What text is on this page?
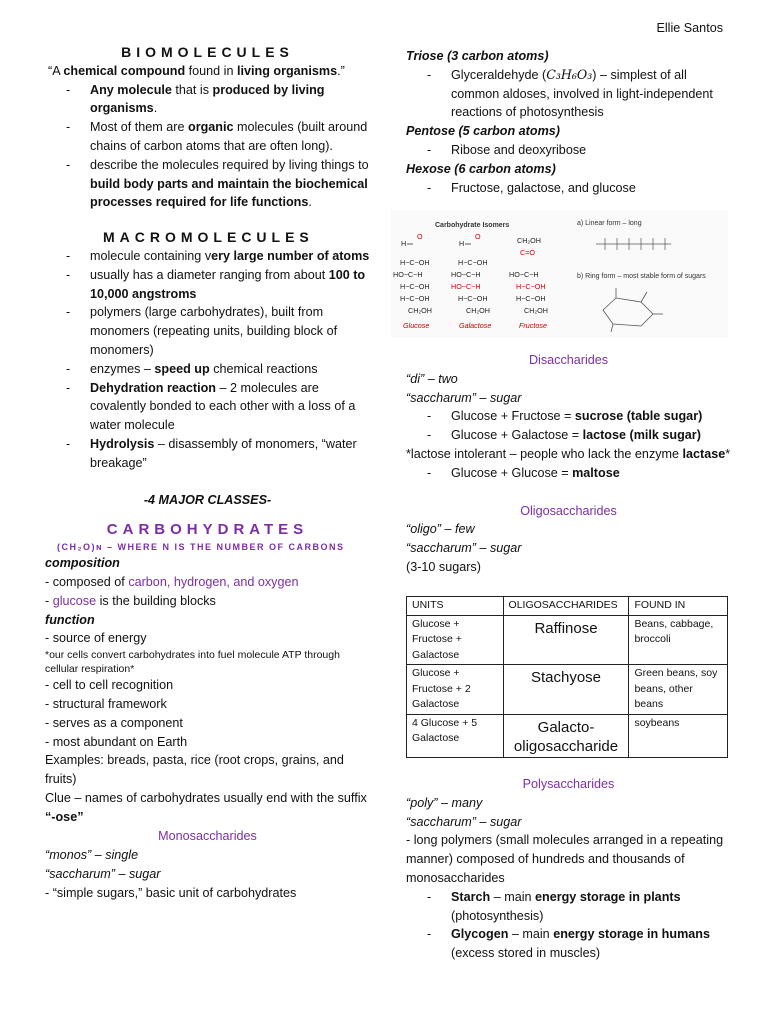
Ellie Santos
BIOMOLECULES

“A chemical compound found in living organisms.”

- Any molecule that is produced by living organisms.
- Most of them are organic molecules (built around chains of carbon atoms that are often long).
- describe the molecules required by living things to build body parts and maintain the biochemical processes required for life functions.
MACROMOLECULES
- molecule containing very large number of atoms
- usually has a diameter ranging from about 100 to 10,000 angstroms
- polymers (large carbohydrates), built from monomers (repeating units, building block of monomers)
- enzymes – speed up chemical reactions
- Dehydration reaction – 2 molecules are covalently bonded to each other with a loss of a water molecule
- Hydrolysis – disassembly of monomers, “water breakage”

-4 MAJOR CLASSES-

CARBOHYDRATES
(CH₂O)ɴ – WHERE N IS THE NUMBER OF CARBONS

composition

- composed of carbon, hydrogen, and oxygen

- glucose is the building blocks

function

- source of energy

*our cells convert carbohydrates into fuel molecule ATP through cellular respiration*

- cell to cell recognition

- structural framework

- serves as a component

- most abundant on Earth

Examples: breads, pasta, rice (root crops, grains, and fruits)

Clue – names of carbohydrates usually end with the suffix “-ose”

Monosaccharides

“monos” – single

“saccharum” – sugar

- “simple sugars,” basic unit of carbohydrates

Triose (3 carbon atoms)

- Glyceraldehyde (C₃H₆O₃) – simplest of all common aldoses, involved in light-independent reactions of photosynthesis

Pentose (5 carbon atoms)

- Ribose and deoxyribose

Hexose (6 carbon atoms)

- Fructose, galactose, and glucose
Carbohydrate Isomers
H
O
H−C−OH
HO−C−H
H−C−OH
H−C−OH
CH₂OH
Glucose
H
O
H−C−OH
HO−C−H
HO−C−H
H−C−OH
CH₂OH
Galactose
CH₂OH
C=O
HO−C−H
H−C−OH
H−C−OH
CH₂OH
Fructose
a) Linear form – long
b) Ring form – most stable form of sugars

Disaccharides

“di” – two

“saccharum” – sugar

- Glucose + Fructose = sucrose (table sugar)
- Glucose + Galactose = lactose (milk sugar)

*lactose intolerant – people who lack the enzyme lactase*

- Glucose + Glucose = maltose

Oligosaccharides

“oligo” – few

“saccharum” – sugar

(3-10 sugars)

UNITS	OLIGOSACCHARIDES	FOUND IN
Glucose + Fructose + Galactose	Raffinose	Beans, cabbage, broccoli
Glucose + Fructose + 2 Galactose	Stachyose	Green beans, soy beans, other beans
4 Glucose + 5 Galactose	Galacto-oligosaccharide	soybeans

Polysaccharides

“poly” – many

“saccharum” – sugar

- long polymers (small molecules arranged in a repeating manner) composed of hundreds and thousands of monosaccharides

- Starch – main energy storage in plants (photosynthesis)
- Glycogen – main energy storage in humans (excess stored in muscles)
